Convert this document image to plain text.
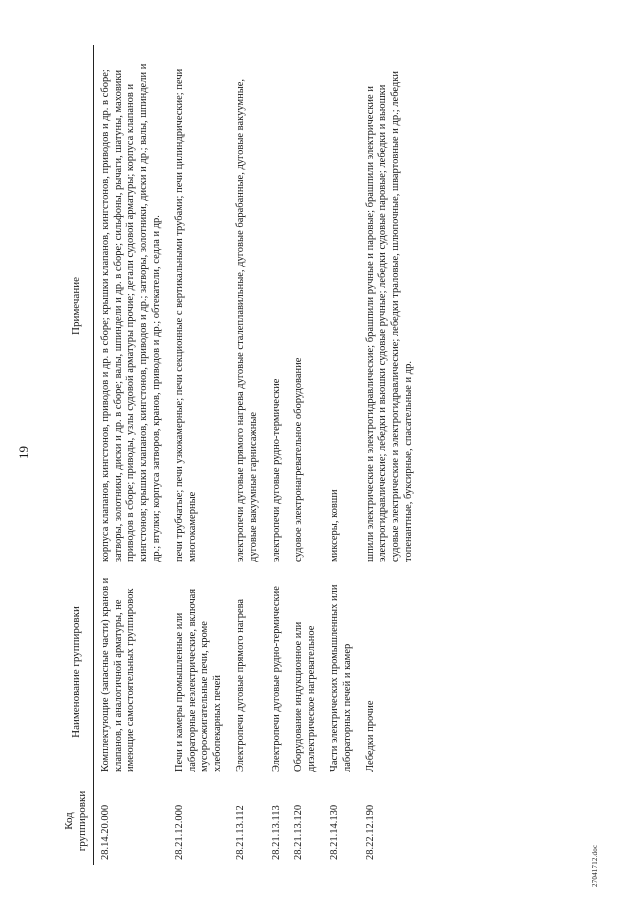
19
Код группировки	Наименование группировки	Примечание
28.14.20.000	Комплектующие (запасные части) кранов и клапанов, и аналогичной арматуры, не имеющие самостоятельных группировок	корпуса клапанов, кингстонов, приводов и др. в сборе; крышки клапанов, кингстонов, приводов и др. в сборе; затворы, золотники, диски и др. в сборе; валы, шпиндели и др. в сборе; сильфоны, рычаги, шатуны, маховики приводов в сборе; приводы, узлы судовой арматуры прочие; детали судовой арматуры; корпуса клапанов и кингстонов; крышки клапанов, кингстонов, приводов и др.; затворы, золотники, диски и др.; валы, шпиндели и др.; втулки; корпуса затворов, кранов, приводов и др.; обтекатели, седла и др.
28.21.12.000	Печи и камеры промышленные или лабораторные неэлектрические, включая мусоросжигательные печи, кроме хлебопекарных печей	печи трубчатые; печи узкокамерные; печи секционные с вертикальными трубами; печи цилиндрические; печи многокамерные
28.21.13.112	Электропечи дуговые прямого нагрева	электропечи дуговые прямого нагрева дуговые сталеплавильные, дуговые барабанные, дуговые вакуумные, дуговые вакуумные гарнисажные
28.21.13.113	Электропечи дуговые рудно-термические	электропечи дуговые рудно-термические
28.21.13.120	Оборудование индукционное или диэлектрическое нагревательное	судовое электронагревательное оборудование
28.21.14.130	Части электрических промышленных или лабораторных печей и камер	миксеры, ковши
28.22.12.190	Лебедки прочие	шпили электрические и электрогидравлические; брашпили ручные и паровые; брашпили электрические и электрогидравлические; лебедки и вьюшки судовые ручные; лебедки судовые паровые; лебедки и вьюшки судовые электрические и электрогидравлические; лебедки траловые, шлюпочные, швартовные и др.; лебедки топенантные, буксирные, спасательные и др.
27041712.doc
